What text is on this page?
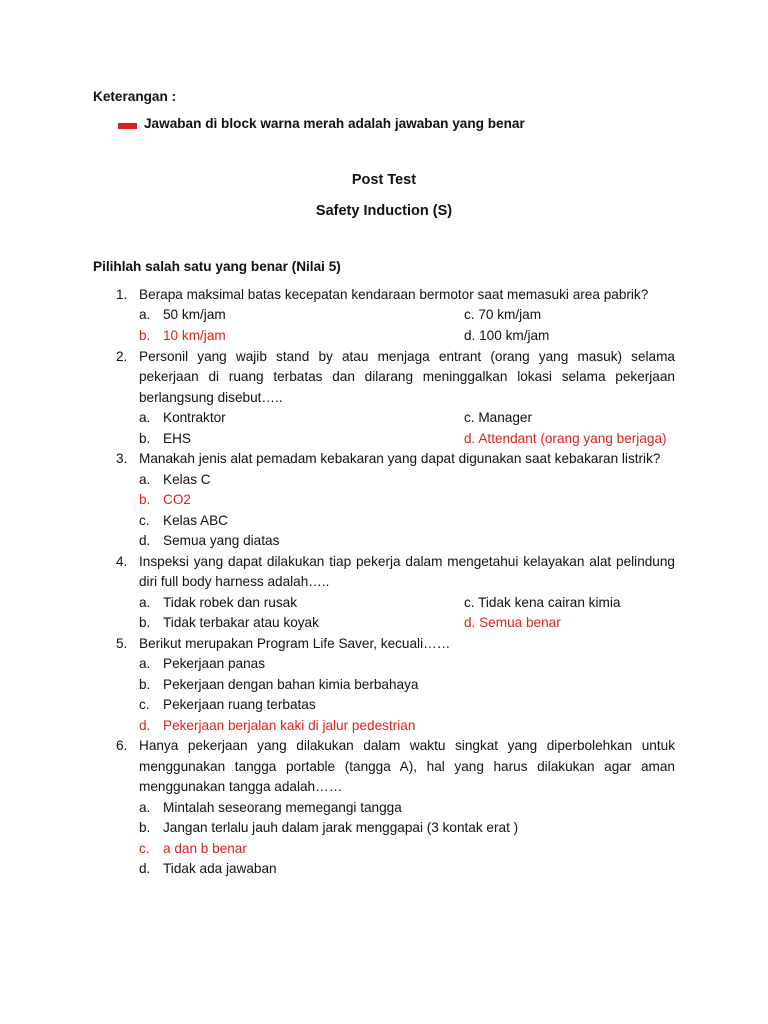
Keterangan :
Jawaban di block warna merah adalah jawaban yang benar
Post Test
Safety Induction (S)
Pilihlah salah satu yang benar (Nilai 5)
1. Berapa maksimal batas kecepatan kendaraan bermotor saat memasuki area pabrik?
a. 50 km/jam	c. 70 km/jam
b. 10 km/jam	d. 100 km/jam
2. Personil yang wajib stand by atau menjaga entrant (orang yang masuk) selama
pekerjaan di ruang terbatas dan dilarang meninggalkan lokasi selama pekerjaan
berlangsung disebut…..
a. Kontraktor	c. Manager
b. EHS	d. Attendant (orang yang berjaga)
3. Manakah jenis alat pemadam kebakaran yang dapat digunakan saat kebakaran listrik?
a. Kelas C
b. CO2
c. Kelas ABC
d. Semua yang diatas
4. Inspeksi yang dapat dilakukan tiap pekerja dalam mengetahui kelayakan alat pelindung
diri full body harness adalah…..
a. Tidak robek dan rusak	c. Tidak kena cairan kimia
b. Tidak terbakar atau koyak	d. Semua benar
5. Berikut merupakan Program Life Saver, kecuali……
a. Pekerjaan panas
b. Pekerjaan dengan bahan kimia berbahaya
c. Pekerjaan ruang terbatas
d. Pekerjaan berjalan kaki di jalur pedestrian
6. Hanya pekerjaan yang dilakukan dalam waktu singkat yang diperbolehkan untuk
menggunakan tangga portable (tangga A), hal yang harus dilakukan agar aman
menggunakan tangga adalah……
a. Mintalah seseorang memegangi tangga
b. Jangan terlalu jauh dalam jarak menggapai (3 kontak erat )
c. a dan b benar
d. Tidak ada jawaban
